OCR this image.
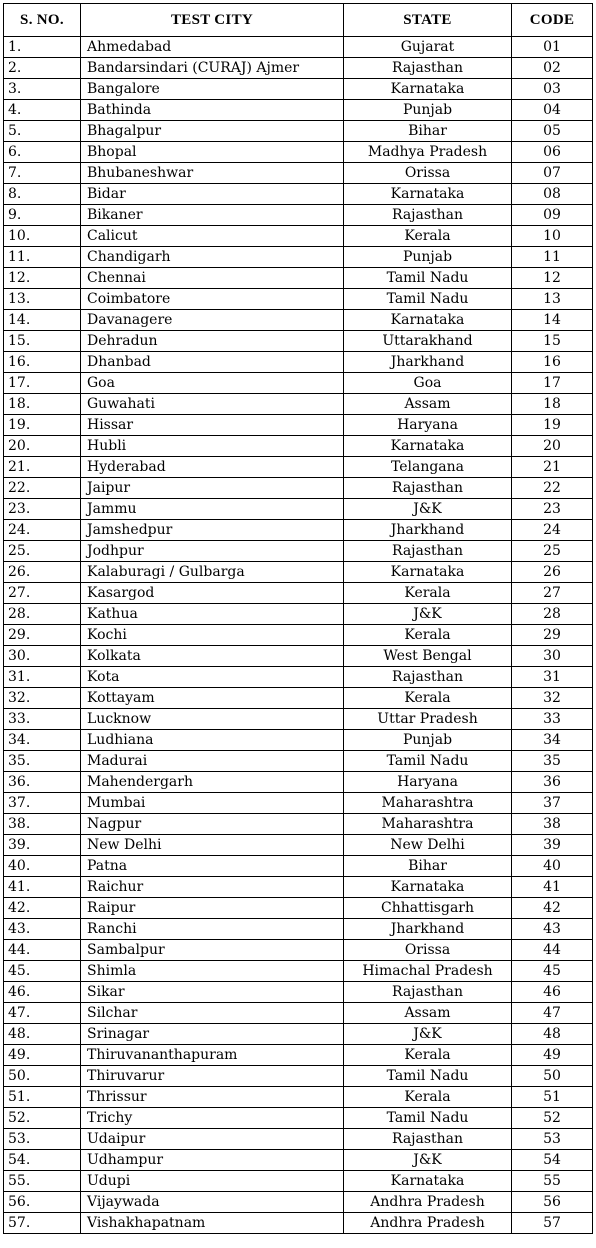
S. NO.	TEST CITY	STATE	CODE
1.	Ahmedabad	Gujarat	01
2.	Bandarsindari (CURAJ) Ajmer	Rajasthan	02
3.	Bangalore	Karnataka	03
4.	Bathinda	Punjab	04
5.	Bhagalpur	Bihar	05
6.	Bhopal	Madhya Pradesh	06
7.	Bhubaneshwar	Orissa	07
8.	Bidar	Karnataka	08
9.	Bikaner	Rajasthan	09
10.	Calicut	Kerala	10
11.	Chandigarh	Punjab	11
12.	Chennai	Tamil Nadu	12
13.	Coimbatore	Tamil Nadu	13
14.	Davanagere	Karnataka	14
15.	Dehradun	Uttarakhand	15
16.	Dhanbad	Jharkhand	16
17.	Goa	Goa	17
18.	Guwahati	Assam	18
19.	Hissar	Haryana	19
20.	Hubli	Karnataka	20
21.	Hyderabad	Telangana	21
22.	Jaipur	Rajasthan	22
23.	Jammu	J&K	23
24.	Jamshedpur	Jharkhand	24
25.	Jodhpur	Rajasthan	25
26.	Kalaburagi / Gulbarga	Karnataka	26
27.	Kasargod	Kerala	27
28.	Kathua	J&K	28
29.	Kochi	Kerala	29
30.	Kolkata	West Bengal	30
31.	Kota	Rajasthan	31
32.	Kottayam	Kerala	32
33.	Lucknow	Uttar Pradesh	33
34.	Ludhiana	Punjab	34
35.	Madurai	Tamil Nadu	35
36.	Mahendergarh	Haryana	36
37.	Mumbai	Maharashtra	37
38.	Nagpur	Maharashtra	38
39.	New Delhi	New Delhi	39
40.	Patna	Bihar	40
41.	Raichur	Karnataka	41
42.	Raipur	Chhattisgarh	42
43.	Ranchi	Jharkhand	43
44.	Sambalpur	Orissa	44
45.	Shimla	Himachal Pradesh	45
46.	Sikar	Rajasthan	46
47.	Silchar	Assam	47
48.	Srinagar	J&K	48
49.	Thiruvananthapuram	Kerala	49
50.	Thiruvarur	Tamil Nadu	50
51.	Thrissur	Kerala	51
52.	Trichy	Tamil Nadu	52
53.	Udaipur	Rajasthan	53
54.	Udhampur	J&K	54
55.	Udupi	Karnataka	55
56.	Vijaywada	Andhra Pradesh	56
57.	Vishakhapatnam	Andhra Pradesh	57
